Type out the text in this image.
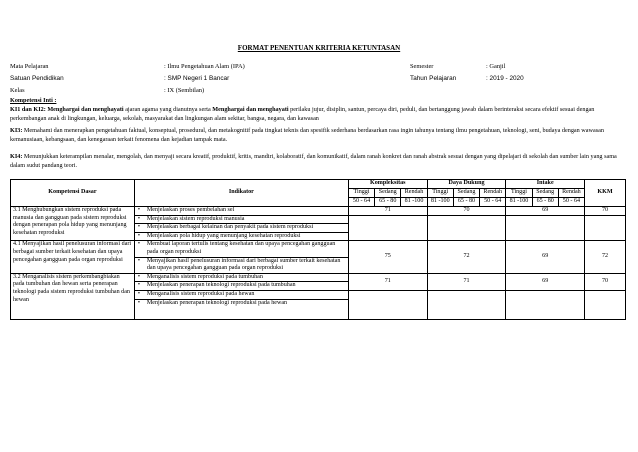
FORMAT PENENTUAN KRITERIA KETUNTASAN
Mata Pelajaran	: Ilmu Pengetahuan Alam (IPA)
Satuan Pendidikan	: SMP Negeri 1 Bancar
Kelas	: IX (Sembilan)
Semester	: Ganjil
Tahun Pelajaran	: 2019 - 2020
Kompetensi Inti :
KI1 dan KI2: Menghargai dan menghayati ajaran agama yang dianutnya serta Menghargai dan menghayati perilaku jujur, disiplin, santun, percaya diri, peduli, dan bertanggung jawab dalam berinteraksi secara efektif sesuai dengan perkembangan anak di lingkungan, keluarga, sekolah, masyarakat dan lingkungan alam sekitar, bangsa, negara, dan kawasan
KI3: Memahami dan menerapkan pengetahuan faktual, konseptual, prosedural, dan metakognitif pada tingkat teknis dan spesifik sederhana berdasarkan rasa ingin tahunya tentang ilmu pengetahuan, teknologi, seni, budaya dengan wawasan kemanusiaan, kebangsaan, dan kenegaraan terkait fenomena dan kejadian tampak mata.
KI4: Menunjukkan keterampilan menalar, mengolah, dan menyaji secara kreatif, produktif, kritis, mandiri, kolaboratif, dan komunikatif, dalam ranah konkret dan ranah abstrak sesuai dengan yang dipelajari di sekolah dan sumber lain yang sama dalam sudut pandang teori.
Kompetensi Dasar	Indikator	Kompleksitas			Daya Dukung			Intake			KKM
		Tinggi	Sedang	Rendah	Tinggi	Sedang	Rendah	Tinggi	Sedang	Rendah	
		50 - 64	65 - 80	81 -100	81 -100	65 - 80	50 - 64	81 -100	65 - 80	50 - 64	
3.1 Menghubungkan sistem reproduksi pada manusia dan gangguan pada sistem reproduksi dengan penerapan pola hidup yang menunjang kesehatan reproduksi	• Menjelaskan proses pembelahan sel	71			70			69			70

	• Menjelaskan sistem reproduksi manusia										

	• Menjelaskan berbagai kelainan dan penyakit pada sistem reproduksi										

	• Menjelaskan pola hidup yang menunjang kesehatan reproduksi										
4.1 Menyajikan hasil penelusuran informasi dari berbagai sumber terkait kesehatan dan upaya pencegahan gangguan pada organ reproduksi	• Membuat laporan tertulis tentang kesehatan dan upaya pencegahan gangguan pada organ reproduksi	75			72			69			72

	• Menyajikan hasil penelusuran informasi dari berbagai sumber terkait kesehatan dan upaya pencegahan gangguan pada organ reproduksi										
3.2 Menganalisis sistem perkembangbiakan pada tumbuhan dan hewan serta penerapan teknologi pada sistem reproduksi tumbuhan dan hewan	• Menganalisis sistem reproduksi pada tumbuhan	71			71			69			70

	• Menjelaskan penerapan teknologi reproduksi pada tumbuhan										

	• Menganalisis sistem reproduksi pada hewan										

	• Menjelaskan penerapan teknologi reproduksi pada hewan										
